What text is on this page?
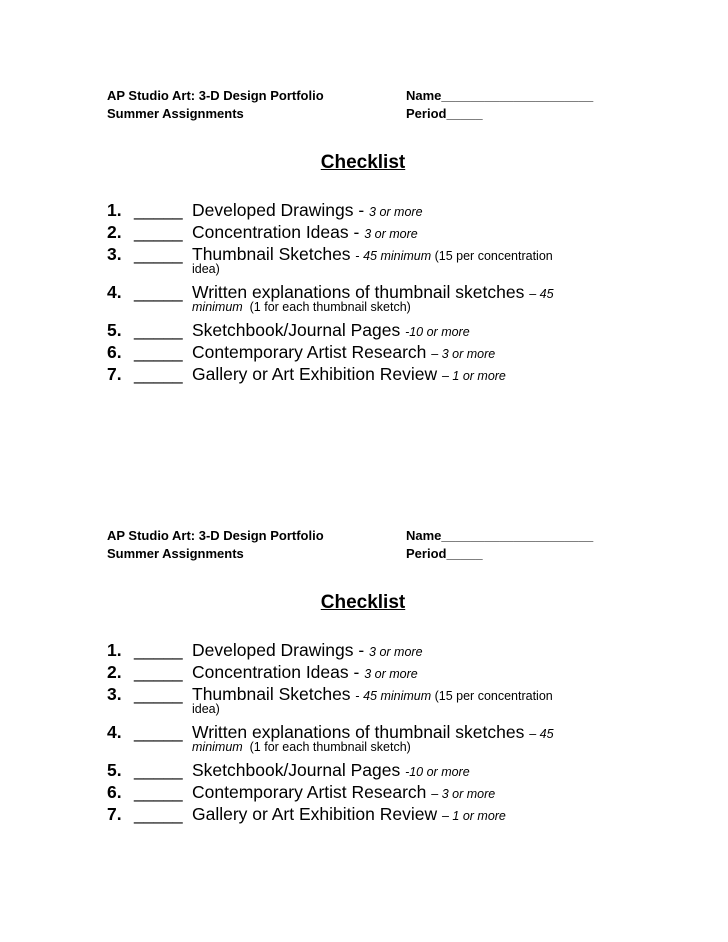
AP Studio Art: 3-D Design Portfolio	Name_____________________
Summer Assignments	Period_____
Checklist
1. _____ Developed Drawings - 3 or more
2. _____ Concentration Ideas - 3 or more
3. _____ Thumbnail Sketches - 45 minimum (15 per concentration
idea)
4. _____ Written explanations of thumbnail sketches – 45
minimum  (1 for each thumbnail sketch)
5. _____ Sketchbook/Journal Pages -10 or more
6. _____ Contemporary Artist Research – 3 or more
7. _____ Gallery or Art Exhibition Review – 1 or more
AP Studio Art: 3-D Design Portfolio	Name_____________________
Summer Assignments	Period_____
Checklist
1. _____ Developed Drawings - 3 or more
2. _____ Concentration Ideas - 3 or more
3. _____ Thumbnail Sketches - 45 minimum (15 per concentration
idea)
4. _____ Written explanations of thumbnail sketches – 45
minimum  (1 for each thumbnail sketch)
5. _____ Sketchbook/Journal Pages -10 or more
6. _____ Contemporary Artist Research – 3 or more
7. _____ Gallery or Art Exhibition Review – 1 or more
